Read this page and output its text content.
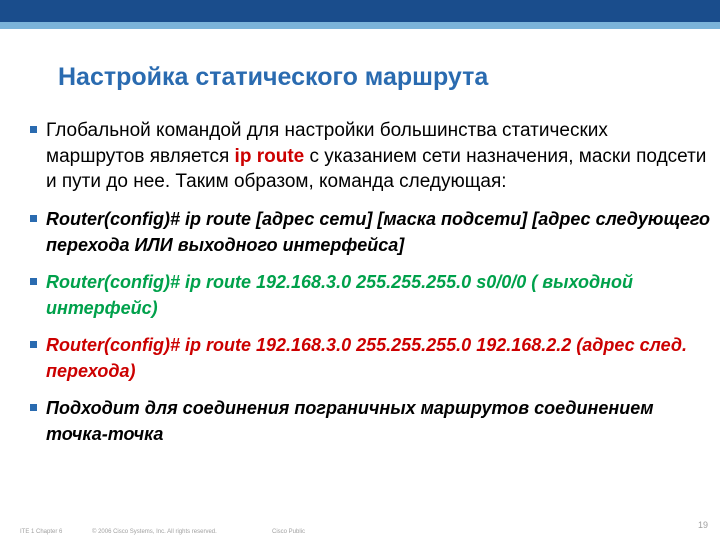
Настройка статического маршрута
Глобальной командой для настройки большинства статических маршрутов является ip route с указанием сети назначения, маски подсети и пути до нее. Таким образом, команда следующая:
Router(config)# ip route [адрес сети] [маска подсети] [адрес следующего перехода ИЛИ выходного интерфейса]
Router(config)# ip route 192.168.3.0 255.255.255.0 s0/0/0 ( выходной интерфейс)
Router(config)# ip route 192.168.3.0 255.255.255.0 192.168.2.2 (адрес след. перехода)
Подходит для соединения пограничных маршрутов соединением точка-точка
ITE 1 Chapter 6	© 2006 Cisco Systems, Inc. All rights reserved.	Cisco Public
19
